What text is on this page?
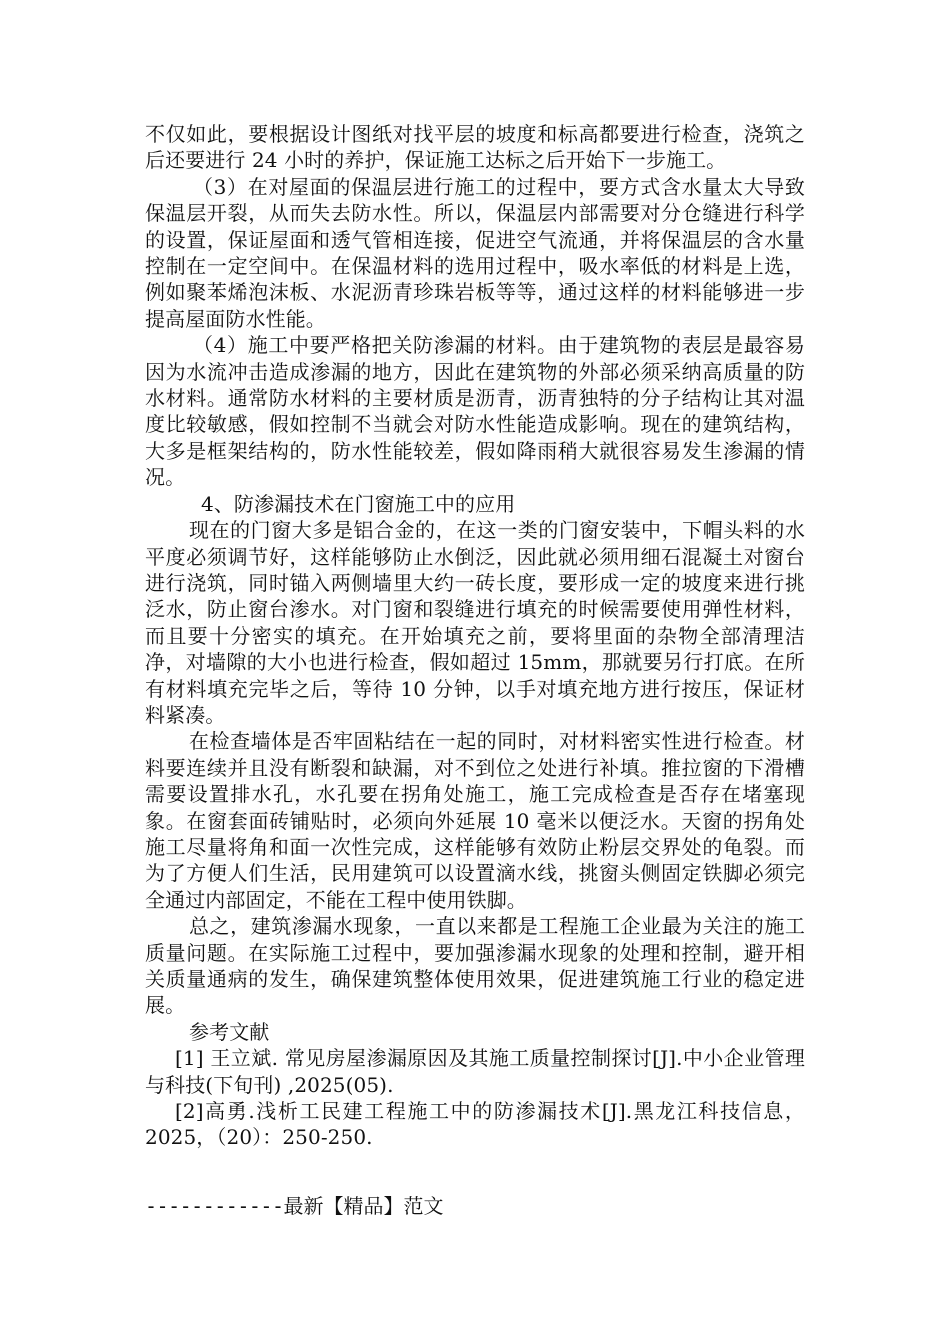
不仅如此，要根据设计图纸对找平层的坡度和标高都要进行检查，浇筑之后还要进行 24 小时的养护，保证施工达标之后开始下一步施工。

（3）在对屋面的保温层进行施工的过程中，要方式含水量太大导致保温层开裂，从而失去防水性。所以，保温层内部需要对分仓缝进行科学的设置，保证屋面和透气管相连接，促进空气流通，并将保温层的含水量控制在一定空间中。在保温材料的选用过程中，吸水率低的材料是上选，例如聚苯烯泡沫板、水泥沥青珍珠岩板等等，通过这样的材料能够进一步提高屋面防水性能。

（4）施工中要严格把关防渗漏的材料。由于建筑物的表层是最容易因为水流冲击造成渗漏的地方，因此在建筑物的外部必须采纳高质量的防水材料。通常防水材料的主要材质是沥青，沥青独特的分子结构让其对温度比较敏感，假如控制不当就会对防水性能造成影响。现在的建筑结构，大多是框架结构的，防水性能较差，假如降雨稍大就很容易发生渗漏的情况。

4、防渗漏技术在门窗施工中的应用

现在的门窗大多是铝合金的，在这一类的门窗安装中，下帽头料的水平度必须调节好，这样能够防止水倒泛，因此就必须用细石混凝土对窗台进行浇筑，同时锚入两侧墙里大约一砖长度，要形成一定的坡度来进行挑泛水，防止窗台渗水。对门窗和裂缝进行填充的时候需要使用弹性材料，而且要十分密实的填充。在开始填充之前，要将里面的杂物全部清理洁净，对墙隙的大小也进行检查，假如超过 15mm，那就要另行打底。在所有材料填充完毕之后，等待 10 分钟，以手对填充地方进行按压，保证材料紧凑。

在检查墙体是否牢固粘结在一起的同时，对材料密实性进行检查。材料要连续并且没有断裂和缺漏，对不到位之处进行补填。推拉窗的下滑槽需要设置排水孔，水孔要在拐角处施工，施工完成检查是否存在堵塞现象。在窗套面砖铺贴时，必须向外延展 10 毫米以便泛水。天窗的拐角处施工尽量将角和面一次性完成，这样能够有效防止粉层交界处的龟裂。而为了方便人们生活，民用建筑可以设置滴水线，挑窗头侧固定铁脚必须完全通过内部固定，不能在工程中使用铁脚。

总之，建筑渗漏水现象，一直以来都是工程施工企业最为关注的施工质量问题。在实际施工过程中，要加强渗漏水现象的处理和控制，避开相关质量通病的发生，确保建筑整体使用效果，促进建筑施工行业的稳定进展。

参考文献

[1] 王立斌. 常见房屋渗漏原因及其施工质量控制探讨[J].中小企业管理与科技(下旬刊) ,2025(05).

[2]高勇.浅析工民建工程施工中的防渗漏技术[J].黑龙江科技信息，2025，（20）：250-250.

------------最新【精品】范文
